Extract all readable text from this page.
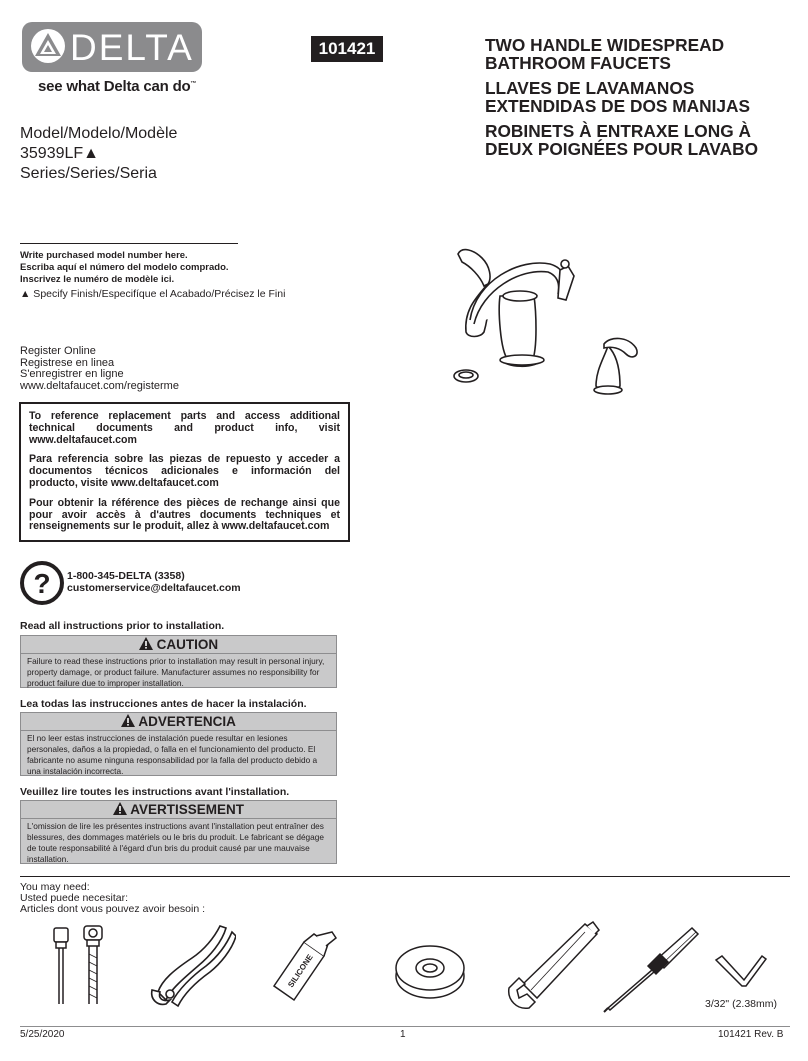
DELTA
see what Delta can do™
101421	TWO HANDLE WIDESPREAD
BATHROOM FAUCETS

LLAVES DE LAVAMANOS
EXTENDIDAS DE DOS MANIJAS

ROBINETS À ENTRAXE LONG À
DEUX POIGNÉES POUR LAVABO

Model/Modelo/Modèle
35939LF▲
Series/Series/Seria
Write purchased model number here.
Escriba aquí el número del modelo comprado.
Inscrivez le numéro de modèle ici.
▲ Specify Finish/Especifíque el Acabado/Précisez le Fini
Register Online
Registrese en linea
S'enregistrer en ligne
www.deltafaucet.com/registerme

To reference replacement parts and access additional technical documents and product info, visit www.deltafaucet.com

Para referencia sobre las piezas de repuesto y acceder a documentos técnicos adicionales e información del producto, visite www.deltafaucet.com

Pour obtenir la référence des pièces de rechange ainsi que pour avoir accès à d'autres documents techniques et renseignements sur le produit, allez à www.deltafaucet.com

? 1-800-345-DELTA (3358)
customerservice@deltafaucet.com
Read all instructions prior to installation.
CAUTION
Failure to read these instructions prior to installation may result in personal injury, property damage, or product failure. Manufacturer assumes no responsibility for product failure due to improper installation.
Lea todas las instrucciones antes de hacer la instalación.
ADVERTENCIA
El no leer estas instrucciones de instalación puede resultar en lesiones personales, daños a la propiedad, o falla en el funcionamiento del producto. El fabricante no asume ninguna responsabilidad por la falla del producto debido a una instalación incorrecta.
Veuillez lire toutes les instructions avant l'installation.
AVERTISSEMENT
L'omission de lire les présentes instructions avant l'installation peut entraîner des blessures, des dommages matériels ou le bris du produit. Le fabricant se dégage de toute responsabilité à l'égard d'un bris du produit causé par une mauvaise installation.
You may need:
Usted puede necesitar:
Articles dont vous pouvez avoir besoin :
SILICONE
3/32" (2.38mm)
5/25/2020	1	101421 Rev. B
